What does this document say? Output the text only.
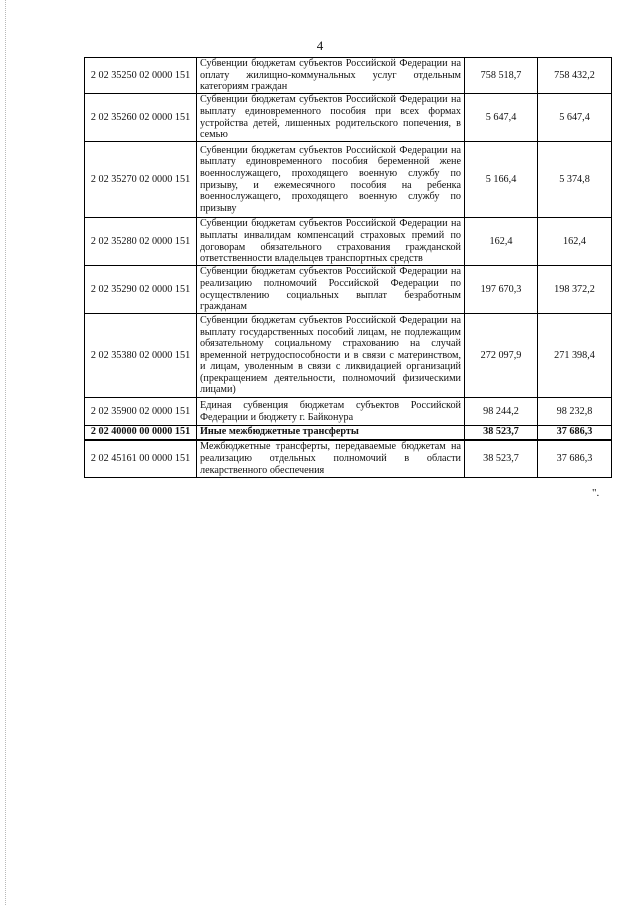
4
2 02 35250 02 0000 151	Субвенции бюджетам субъектов Российской Федерации на оплату жилищно-коммунальных услуг отдельным категориям граждан	758 518,7	758 432,2
2 02 35260 02 0000 151	Субвенции бюджетам субъектов Российской Федерации на выплату единовременного пособия при всех формах устройства детей, лишенных родительского попечения, в семью	5 647,4	5 647,4
2 02 35270 02 0000 151	Субвенции бюджетам субъектов Российской Федерации на выплату единовременного пособия беременной жене военнослужащего, проходящего военную службу по призыву, и ежемесячного пособия на ребенка военнослужащего, проходящего военную службу по призыву	5 166,4	5 374,8
2 02 35280 02 0000 151	Субвенции бюджетам субъектов Российской Федерации на выплаты инвалидам компенсаций страховых премий по договорам обязательного страхования гражданской ответственности владельцев транспортных средств	162,4	162,4
2 02 35290 02 0000 151	Субвенции бюджетам субъектов Российской Федерации на реализацию полномочий Российской Федерации по осуществлению социальных выплат безработным гражданам	197 670,3	198 372,2
2 02 35380 02 0000 151	Субвенции бюджетам субъектов Российской Федерации на выплату государственных пособий лицам, не подлежащим обязательному социальному страхованию на случай временной нетрудоспособности и в связи с материнством, и лицам, уволенным в связи с ликвидацией организаций (прекращением деятельности, полномочий физическими лицами)	272 097,9	271 398,4
2 02 35900 02 0000 151	Единая субвенция бюджетам субъектов Российской Федерации и бюджету г. Байконура	98 244,2	98 232,8
2 02 40000 00 0000 151	Иные межбюджетные трансферты	38 523,7	37 686,3
2 02 45161 00 0000 151	Межбюджетные трансферты, передаваемые бюджетам на реализацию отдельных полномочий в области лекарственного обеспечения	38 523,7	37 686,3
".
